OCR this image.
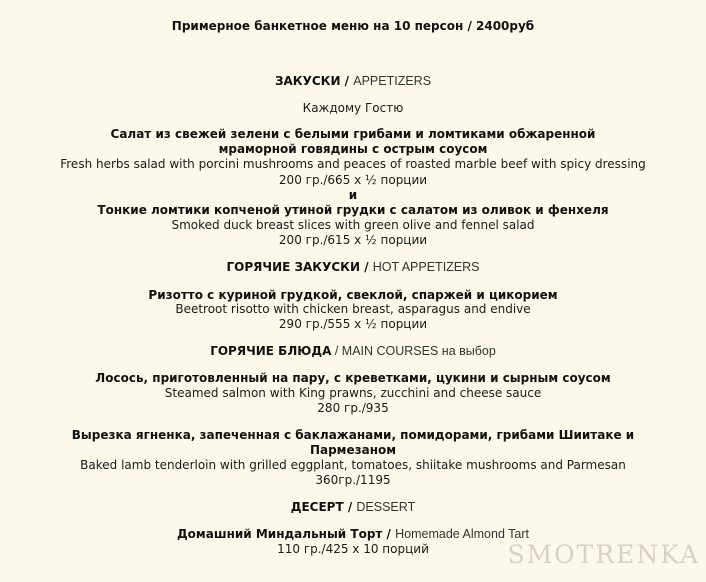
Примерное банкетное меню на 10 персон / 2400руб
ЗАКУСКИ / APPETIZERS
Каждому Гостю
Салат из свежей зелени с белыми грибами и ломтиками обжаренной
мраморной говядины с острым соусом
Fresh herbs salad with porcini mushrooms and peaces of roasted marble beef with spicy dressing
200 гр./665 x ½ порции
и
Тонкие ломтики копченой утиной грудки с салатом из оливок и фенхеля
Smoked duck breast slices with green olive and fennel salad
200 гр./615 x ½ порции
ГОРЯЧИЕ ЗАКУСКИ / HOT APPETIZERS
Ризотто с куриной грудкой, свеклой, спаржей и цикорием
Beetroot risotto with chicken breast, asparagus and endive
290 гр./555 x ½ порции
ГОРЯЧИЕ БЛЮДА / MAIN COURSES на выбор
Лосось, приготовленный на пару, с креветками, цукини и сырным соусом
Steamed salmon with King prawns, zucchini and cheese sauce
280 гр./935
Вырезка ягненка, запеченная с баклажанами, помидорами, грибами Шиитаке и
Пармезаном
Baked lamb tenderloin with grilled eggplant, tomatoes, shiitake mushrooms and Parmesan
360гр./1195
ДЕСЕРТ / DESSERT
Домашний Миндальный Торт / Homemade Almond Tart
110 гр./425 x 10 порций	SMOTRENKA
